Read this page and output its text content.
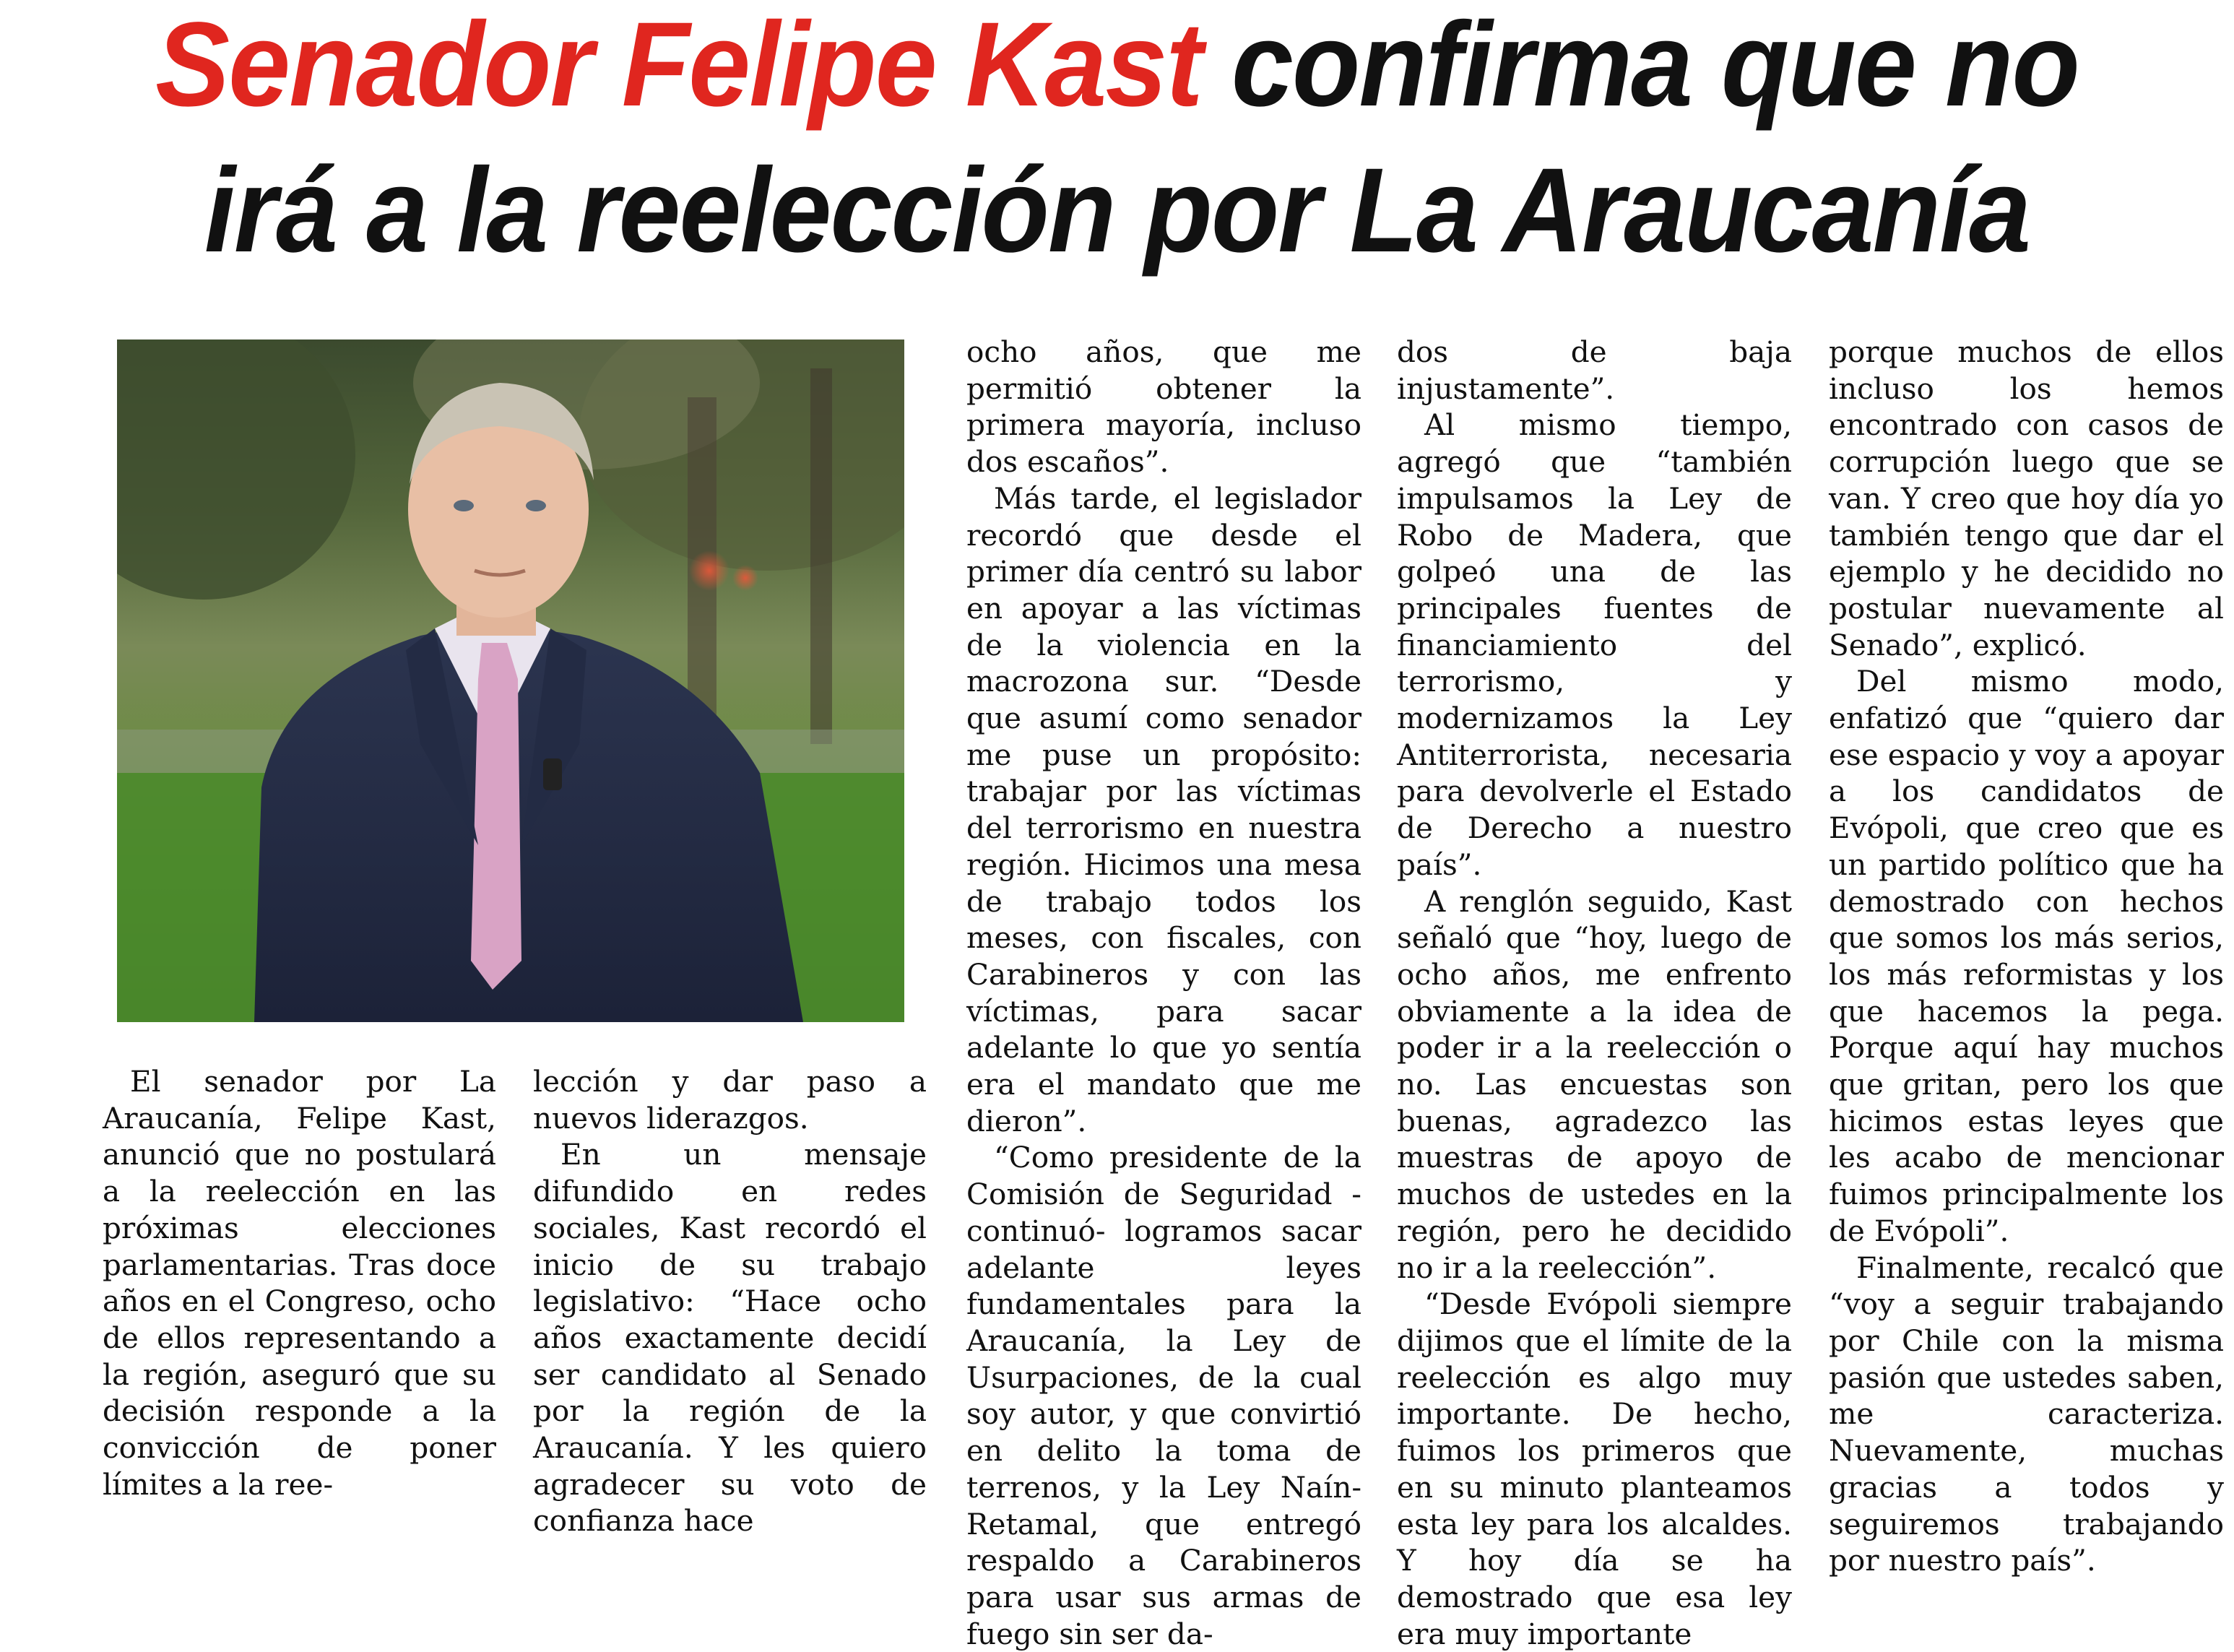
Senador Felipe Kast confirma que no
irá a la reelección por La Araucanía

El senador por La Araucanía, Felipe Kast, anunció que no postulará a la reelección en las próximas elecciones parlamentarias. Tras doce años en el Congreso, ocho de ellos representando a la región, aseguró que su decisión responde a la convicción de poner límites a la ree-

lección y dar paso a nuevos liderazgos.

En un mensaje difundido en redes sociales, Kast recordó el inicio de su trabajo legislativo: “Hace ocho años exactamente decidí ser candidato al Senado por la región de la Araucanía. Y les quiero agradecer su voto de confianza hace

ocho años, que me permitió obtener la primera mayoría, incluso dos escaños”.

Más tarde, el legislador recordó que desde el primer día centró su labor en apoyar a las víctimas de la violencia en la macrozona sur. “Desde que asumí como senador me puse un propósito: trabajar por las víctimas del terrorismo en nuestra región. Hicimos una mesa de trabajo todos los meses, con fiscales, con Carabineros y con las víctimas, para sacar adelante lo que yo sentía era el mandato que me dieron”.

“Como presidente de la Comisión de Seguridad -continuó- logramos sacar adelante leyes fundamentales para la Araucanía, la Ley de Usurpaciones, de la cual soy autor, y que convirtió en delito la toma de terrenos, y la Ley Naín-Retamal, que entregó respaldo a Carabineros para usar sus armas de fuego sin ser da-

dos de baja injustamente”.

Al mismo tiempo, agregó que “también impulsamos la Ley de Robo de Madera, que golpeó una de las principales fuentes de financiamiento del terrorismo, y modernizamos la Ley Antiterrorista, necesaria para devolverle el Estado de Derecho a nuestro país”.

A renglón seguido, Kast señaló que “hoy, luego de ocho años, me enfrento obviamente a la idea de poder ir a la reelección o no. Las encuestas son buenas, agradezco las muestras de apoyo de muchos de ustedes en la región, pero he decidido no ir a la reelección”.

“Desde Evópoli siempre dijimos que el límite de la reelección es algo muy importante. De hecho, fuimos los primeros que en su minuto planteamos esta ley para los alcaldes. Y hoy día se ha demostrado que esa ley era muy importante

porque muchos de ellos incluso los hemos encontrado con casos de corrupción luego que se van. Y creo que hoy día yo también tengo que dar el ejemplo y he decidido no postular nuevamente al Senado”, explicó.

Del mismo modo, enfatizó que “quiero dar ese espacio y voy a apoyar a los candidatos de Evópoli, que creo que es un partido político que ha demostrado con hechos que somos los más serios, los más reformistas y los que hacemos la pega. Porque aquí hay muchos que gritan, pero los que hicimos estas leyes que les acabo de mencionar fuimos principalmente los de Evópoli”.

Finalmente, recalcó que “voy a seguir trabajando por Chile con la misma pasión que ustedes saben, me caracteriza. Nuevamente, muchas gracias a todos y seguiremos trabajando por nuestro país”.
